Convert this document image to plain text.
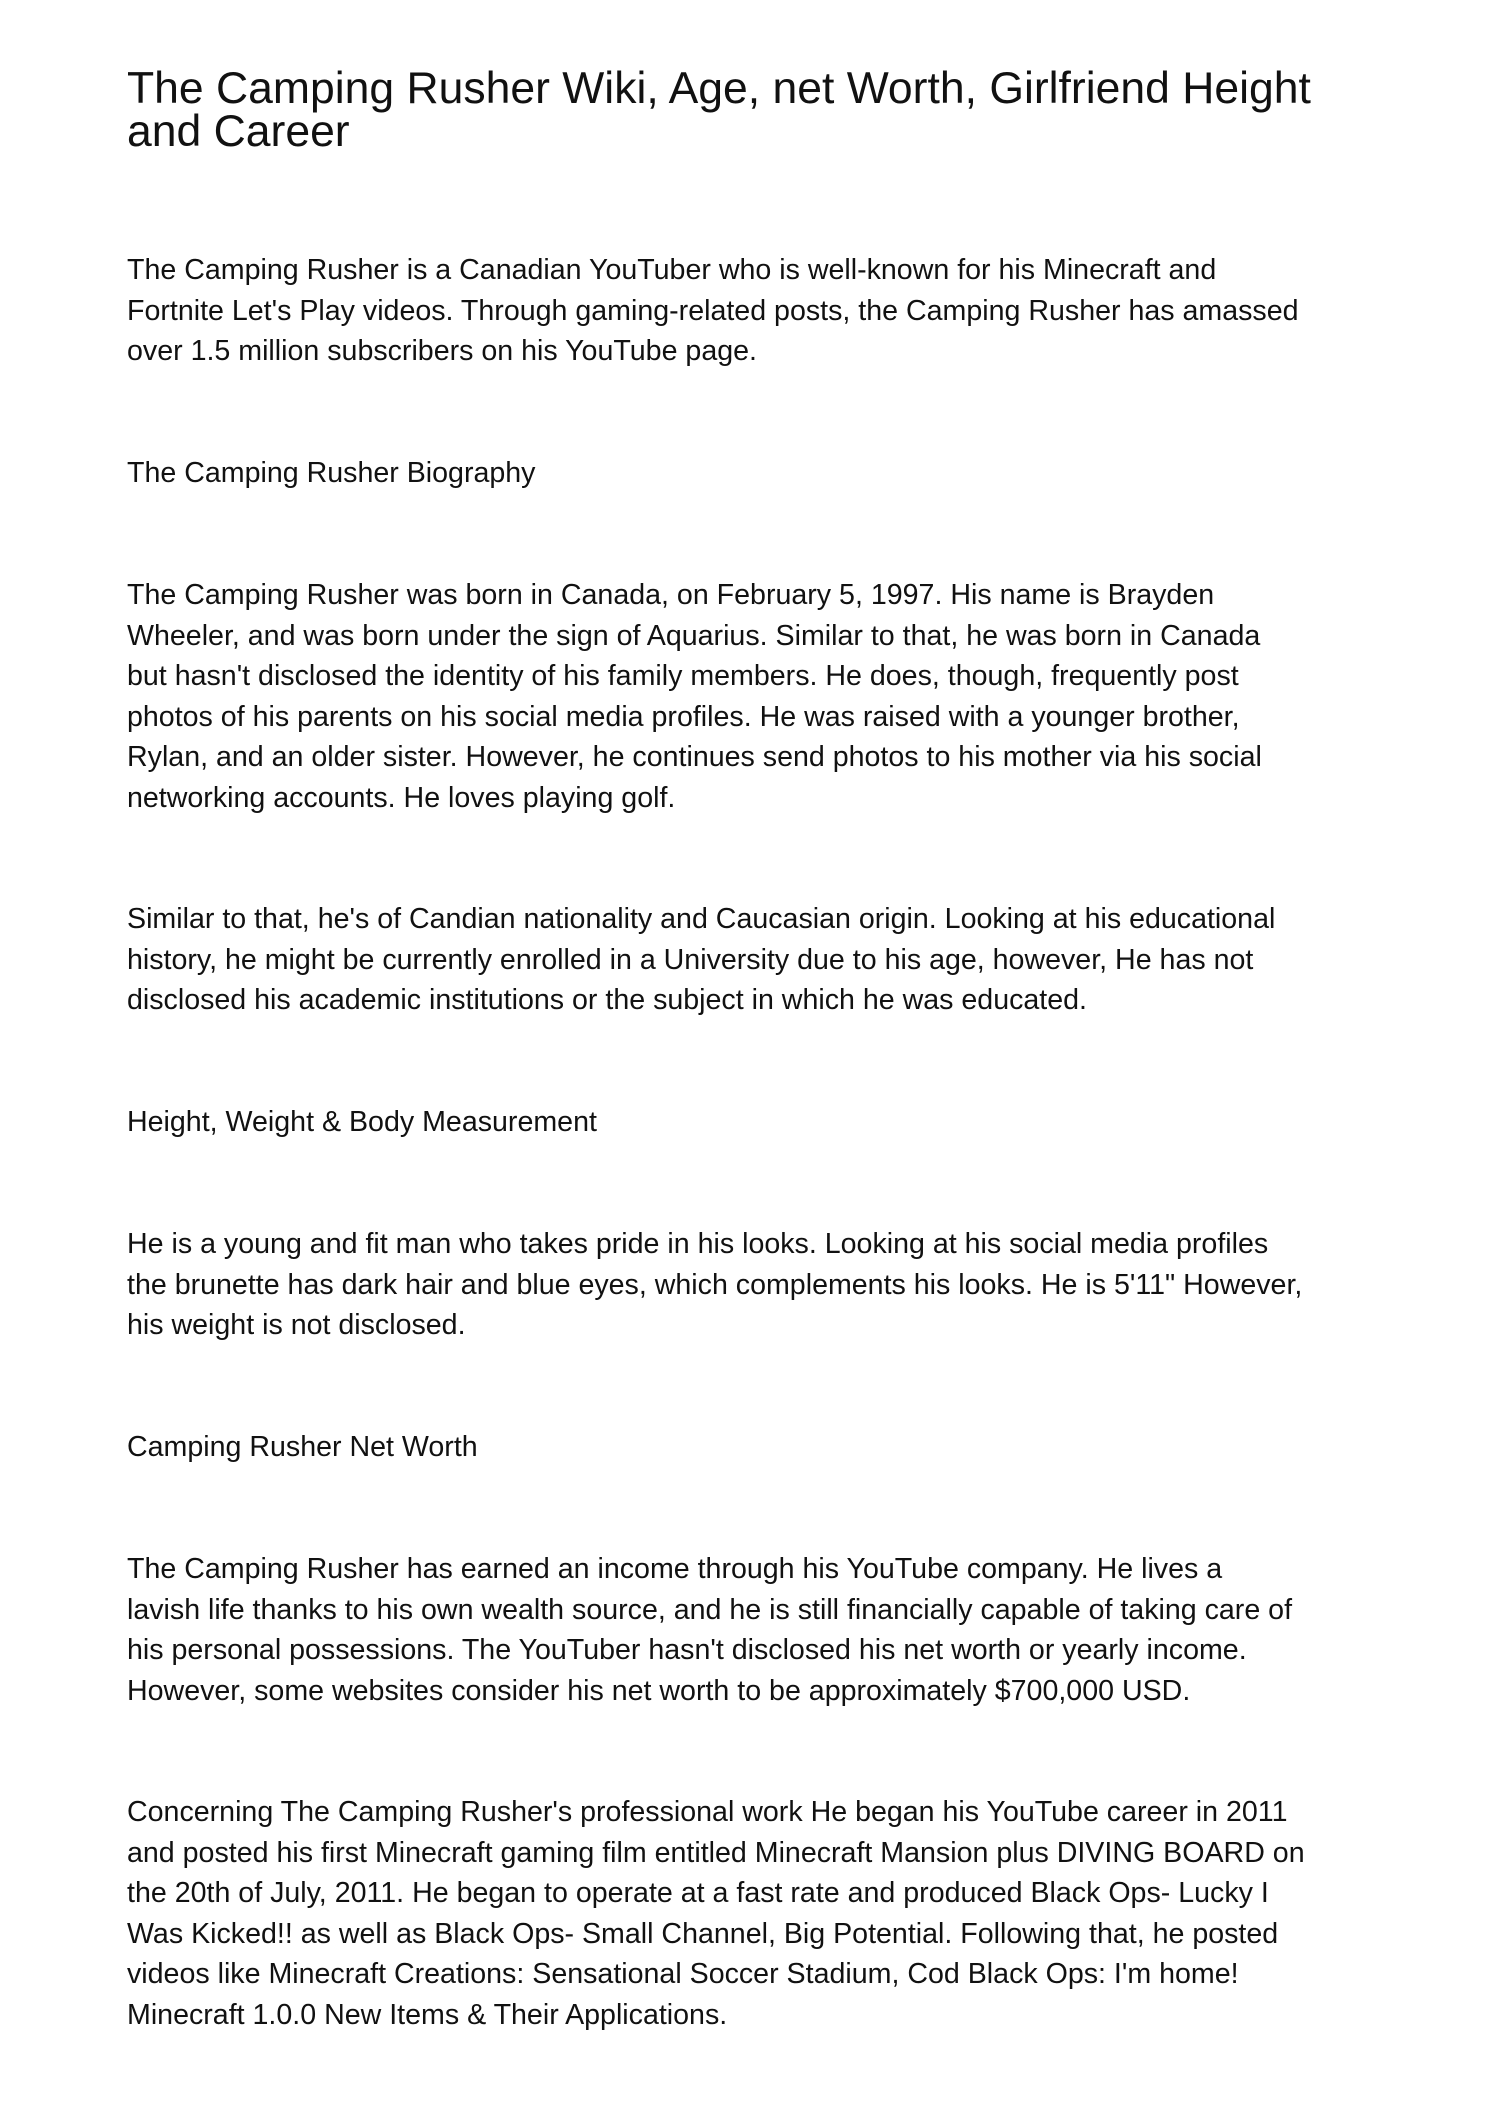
The Camping Rusher Wiki, Age, net Worth, Girlfriend Height
and Career

The Camping Rusher is a Canadian YouTuber who is well-known for his Minecraft and
Fortnite Let's Play videos. Through gaming-related posts, the Camping Rusher has amassed
over 1.5 million subscribers on his YouTube page.

The Camping Rusher Biography

The Camping Rusher was born in Canada, on February 5, 1997. His name is Brayden
Wheeler, and was born under the sign of Aquarius. Similar to that, he was born in Canada
but hasn't disclosed the identity of his family members. He does, though, frequently post
photos of his parents on his social media profiles. He was raised with a younger brother,
Rylan, and an older sister. However, he continues send photos to his mother via his social
networking accounts. He loves playing golf.

Similar to that, he's of Candian nationality and Caucasian origin. Looking at his educational
history, he might be currently enrolled in a University due to his age, however, He has not
disclosed his academic institutions or the subject in which he was educated.

Height, Weight & Body Measurement

He is a young and fit man who takes pride in his looks. Looking at his social media profiles
the brunette has dark hair and blue eyes, which complements his looks. He is 5'11" However,
his weight is not disclosed.

Camping Rusher Net Worth

The Camping Rusher has earned an income through his YouTube company. He lives a
lavish life thanks to his own wealth source, and he is still financially capable of taking care of
his personal possessions. The YouTuber hasn't disclosed his net worth or yearly income.
However, some websites consider his net worth to be approximately $700,000 USD.

Concerning The Camping Rusher's professional work He began his YouTube career in 2011
and posted his first Minecraft gaming film entitled Minecraft Mansion plus DIVING BOARD on
the 20th of July, 2011. He began to operate at a fast rate and produced Black Ops- Lucky I
Was Kicked!! as well as Black Ops- Small Channel, Big Potential. Following that, he posted
videos like Minecraft Creations: Sensational Soccer Stadium, Cod Black Ops: I'm home!
Minecraft 1.0.0 New Items & Their Applications.
